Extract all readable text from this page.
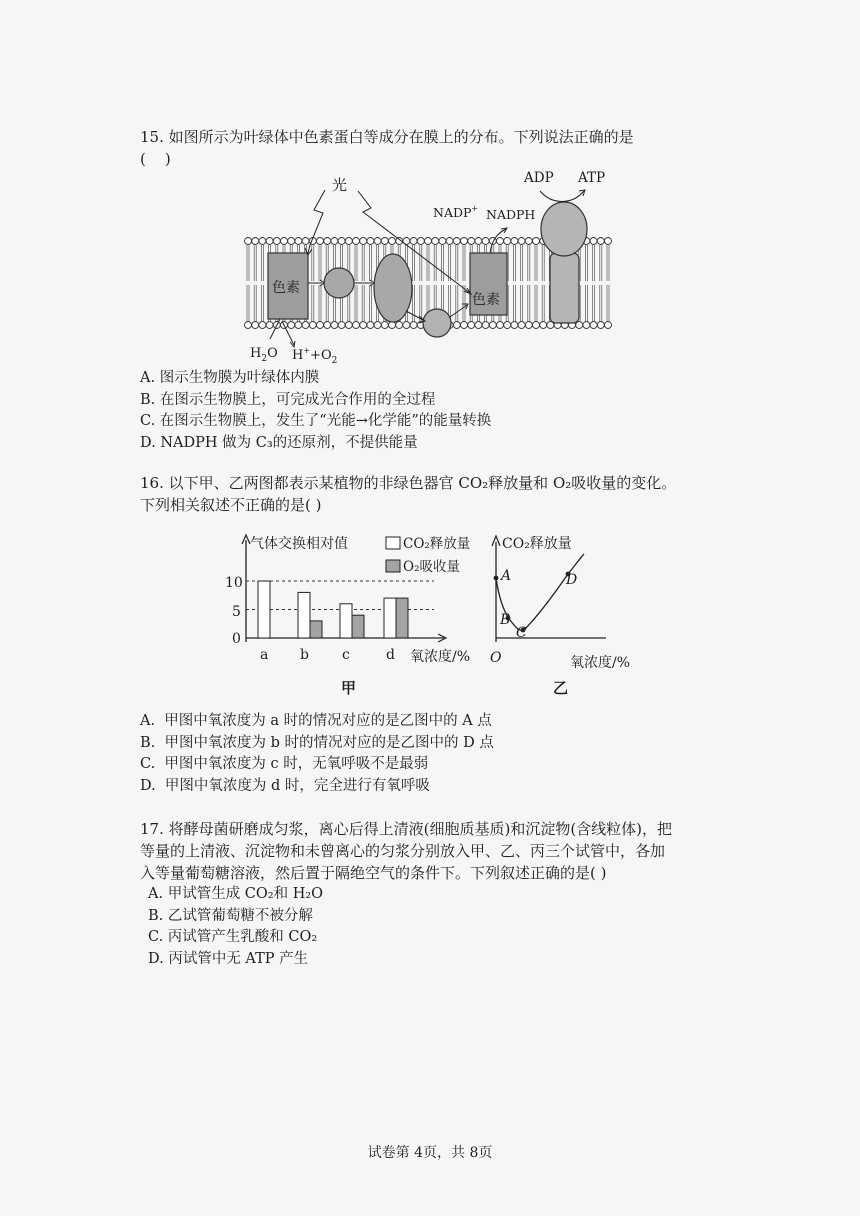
15. 如图所示为叶绿体中色素蛋白等成分在膜上的分布。下列说法正确的是
(    )
色素
色素
光	ADP ATP
NADP+ NADPH
$H_2O$ $H^++O_2$
A. 图示生物膜为叶绿体内膜
B. 在图示生物膜上，可完成光合作用的全过程
C. 在图示生物膜上，发生了“光能→化学能”的能量转换
D. NADPH 做为 C₃的还原剂，不提供能量
16. 以下甲、乙两图都表示某植物的非绿色器官 CO₂释放量和 O₂吸收量的变化。
下列相关叙述不正确的是( )
气体交换相对值	CO₂释放量
O₂吸收量
10
5
0
a b c	d 氧浓度/%
甲
CO₂释放量
A
B
C
D
O	氧浓度/%
乙
A.  甲图中氧浓度为 a 时的情况对应的是乙图中的 A 点
B.  甲图中氧浓度为 b 时的情况对应的是乙图中的 D 点
C.  甲图中氧浓度为 c 时，无氧呼吸不是最弱
D.  甲图中氧浓度为 d 时，完全进行有氧呼吸
17. 将酵母菌研磨成匀浆，离心后得上清液(细胞质基质)和沉淀物(含线粒体)，把
等量的上清液、沉淀物和未曾离心的匀浆分别放入甲、乙、丙三个试管中，各加
入等量葡萄糖溶液，然后置于隔绝空气的条件下。下列叙述正确的是( )
A. 甲试管生成 CO₂和 H₂O
B. 乙试管葡萄糖不被分解
C. 丙试管产生乳酸和 CO₂
D. 丙试管中无 ATP 产生
试卷第 4页，共 8页
